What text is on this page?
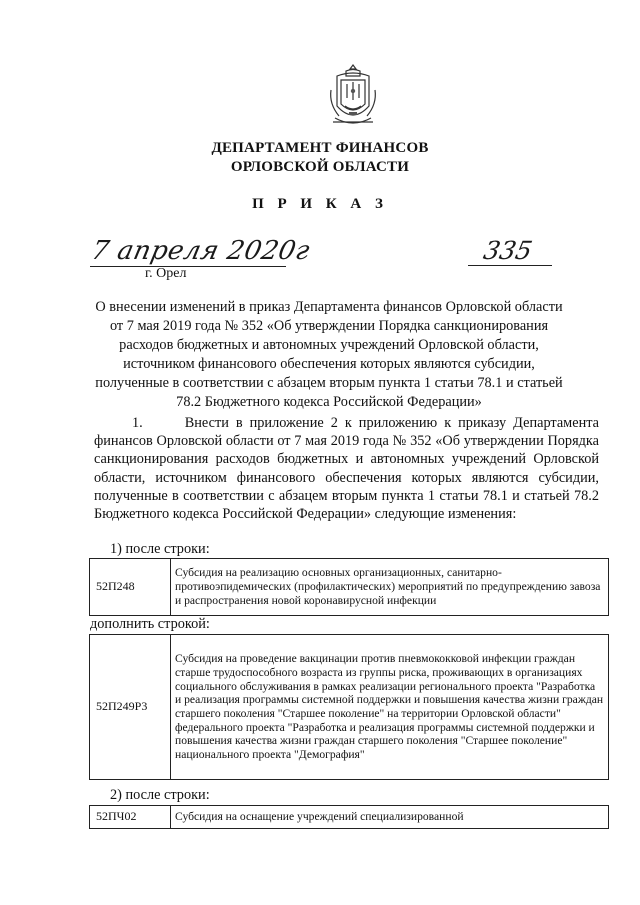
ДЕПАРТАМЕНТ ФИНАНСОВ
ОРЛОВСКОЙ ОБЛАСТИ
П Р И К А З
7 апреля 2020г
г. Орел
335
О внесении изменений в приказ Департамента финансов Орловской области
от 7 мая 2019 года № 352 «Об утверждении Порядка санкционирования
расходов бюджетных и автономных учреждений Орловской области,
источником финансового обеспечения которых являются субсидии,
полученные в соответствии с абзацем вторым пункта 1 статьи 78.1 и статьей
78.2 Бюджетного кодекса Российской Федерации»
1.      Внести в приложение 2 к приложению к приказу Департамента финансов Орловской области от 7 мая 2019 года № 352 «Об утверждении Порядка санкционирования расходов бюджетных и автономных учреждений Орловской области, источником финансового обеспечения которых являются субсидии, полученные в соответствии с абзацем вторым пункта 1 статьи 78.1 и статьей 78.2 Бюджетного кодекса Российской Федерации» следующие изменения:
1) после строки:
52П248	Субсидия на реализацию основных организационных, санитарно-противоэпидемических (профилактических) мероприятий по предупреждению завоза и распространения новой коронавирусной инфекции
дополнить строкой:
52П249Р3	Субсидия на проведение вакцинации против пневмококковой инфекции граждан старше трудоспособного возраста из группы риска, проживающих в организациях социального обслуживания в рамках реализации регионального проекта "Разработка и реализация программы системной поддержки и повышения качества жизни граждан старшего поколения "Старшее поколение" на территории Орловской области" федерального проекта "Разработка и реализация программы системной поддержки и повышения качества жизни граждан старшего поколения "Старшее поколение" национального проекта "Демография"
2) после строки:
52ПЧ02	Субсидия на оснащение учреждений специализированной
